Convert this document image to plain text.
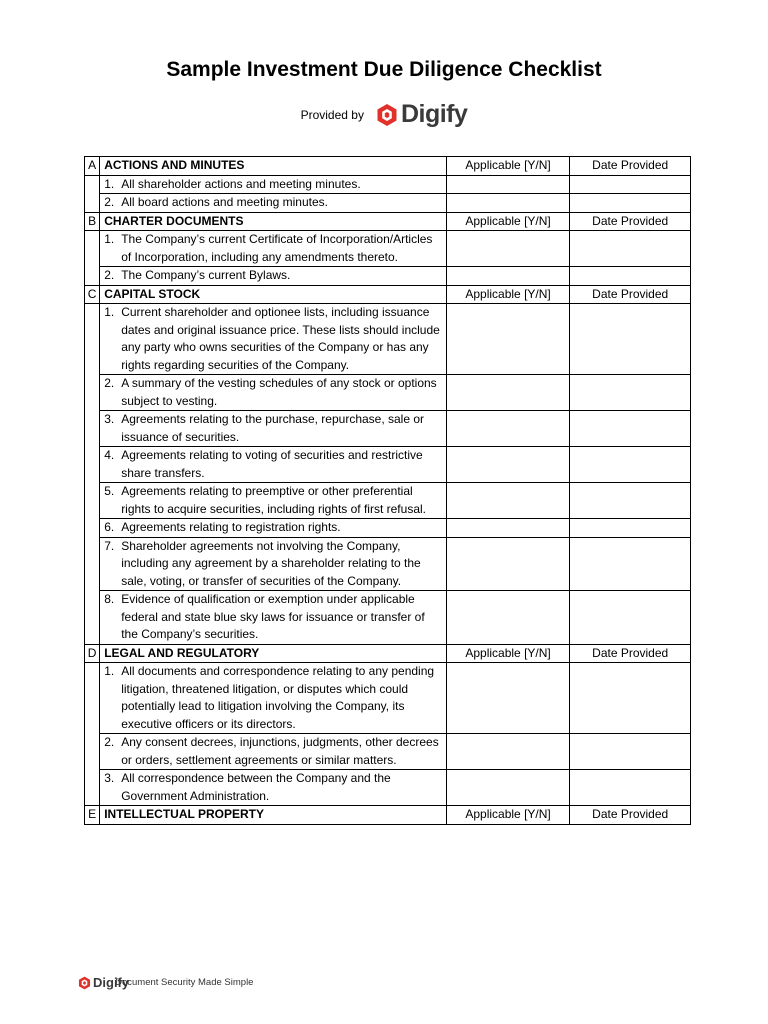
Sample Investment Due Diligence Checklist
Provided by Digify
A	ACTIONS AND MINUTES	Applicable [Y/N]	Date Provided

	1. All shareholder actions and meeting minutes.		

	2. All board actions and meeting minutes.		

B	CHARTER DOCUMENTS	Applicable [Y/N]	Date Provided

	1. The Company’s current Certificate of Incorporation/Articles of Incorporation, including any amendments thereto.		

	2. The Company’s current Bylaws.		

C	CAPITAL STOCK	Applicable [Y/N]	Date Provided

	1. Current shareholder and optionee lists, including issuance dates and original issuance price. These lists should include any party who owns securities of the Company or has any rights regarding securities of the Company.		

	2. A summary of the vesting schedules of any stock or options subject to vesting.		

	3. Agreements relating to the purchase, repurchase, sale or issuance of securities.		

	4. Agreements relating to voting of securities and restrictive share transfers.		

	5. Agreements relating to preemptive or other preferential rights to acquire securities, including rights of first refusal.		

	6. Agreements relating to registration rights.		

	7. Shareholder agreements not involving the Company, including any agreement by a shareholder relating to the sale, voting, or transfer of securities of the Company.		

	8. Evidence of qualification or exemption under applicable federal and state blue sky laws for issuance or transfer of the Company’s securities.		

D	LEGAL AND REGULATORY	Applicable [Y/N]	Date Provided

	1. All documents and correspondence relating to any pending litigation, threatened litigation, or disputes which could potentially lead to litigation involving the Company, its executive officers or its directors.		

	2. Any consent decrees, injunctions, judgments, other decrees or orders, settlement agreements or similar matters.		

	3. All correspondence between the Company and the Government Administration.		

E	INTELLECTUAL PROPERTY	Applicable [Y/N]	Date Provided
Digify
Document Security Made Simple
